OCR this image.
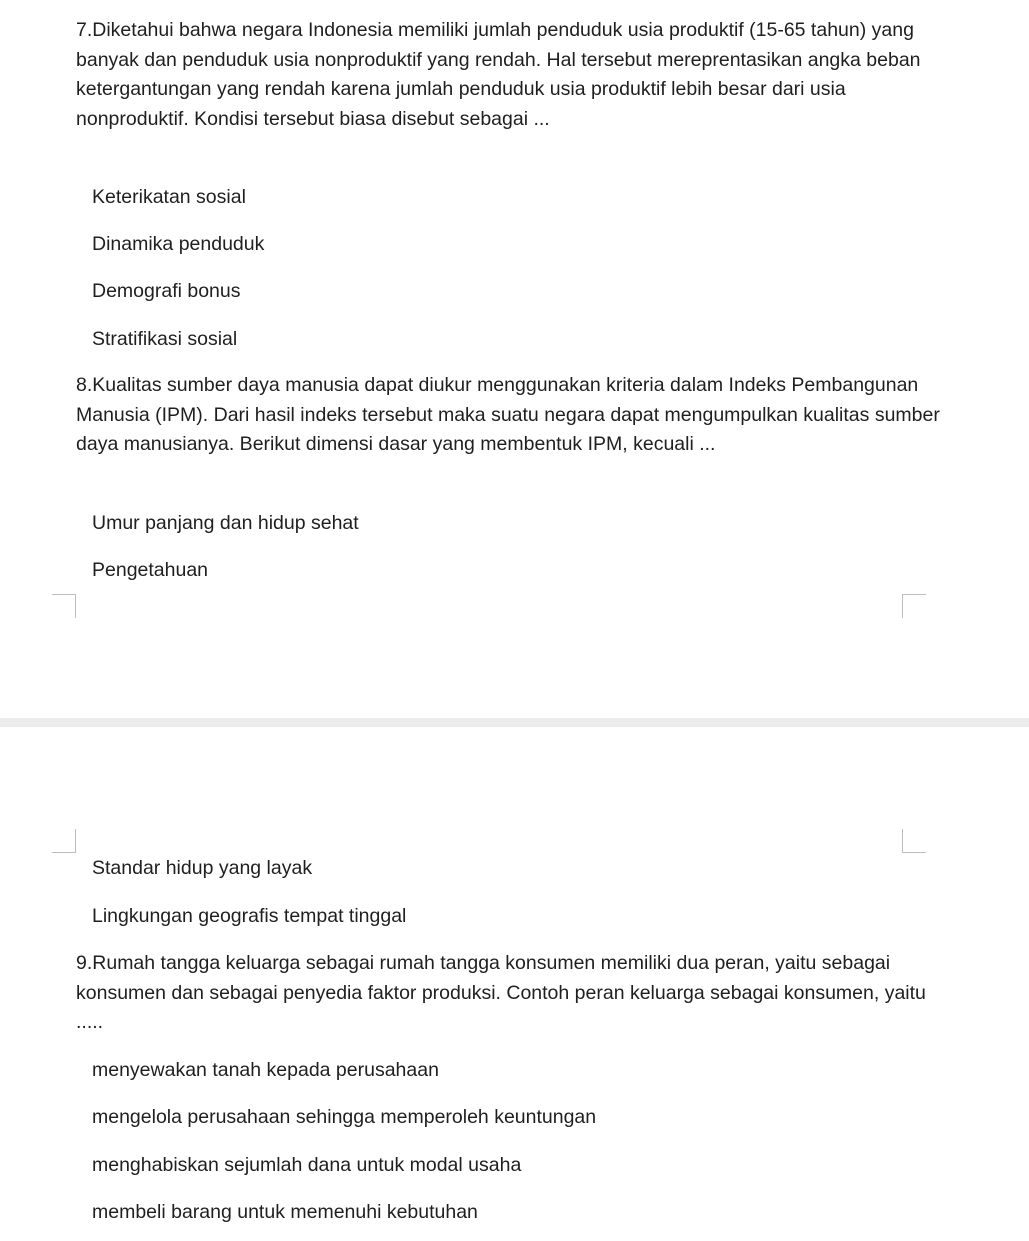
7.Diketahui bahwa negara Indonesia memiliki jumlah penduduk usia produktif (15-65 tahun) yang banyak dan penduduk usia nonproduktif yang rendah. Hal tersebut mereprentasikan angka beban ketergantungan yang rendah karena jumlah penduduk usia produktif lebih besar dari usia nonproduktif. Kondisi tersebut biasa disebut sebagai ...

Keterikatan sosial
Dinamika penduduk
Demografi bonus
Stratifikasi sosial

8.Kualitas sumber daya manusia dapat diukur menggunakan kriteria dalam Indeks Pembangunan Manusia (IPM). Dari hasil indeks tersebut maka suatu negara dapat mengumpulkan kualitas sumber daya manusianya. Berikut dimensi dasar yang membentuk IPM, kecuali ...

Umur panjang dan hidup sehat
Pengetahuan
Standar hidup yang layak
Lingkungan geografis tempat tinggal

9.Rumah tangga keluarga sebagai rumah tangga konsumen memiliki dua peran, yaitu sebagai konsumen dan sebagai penyedia faktor produksi. Contoh peran keluarga sebagai konsumen, yaitu .....

menyewakan tanah kepada perusahaan
mengelola perusahaan sehingga memperoleh keuntungan
menghabiskan sejumlah dana untuk modal usaha
membeli barang untuk memenuhi kebutuhan
